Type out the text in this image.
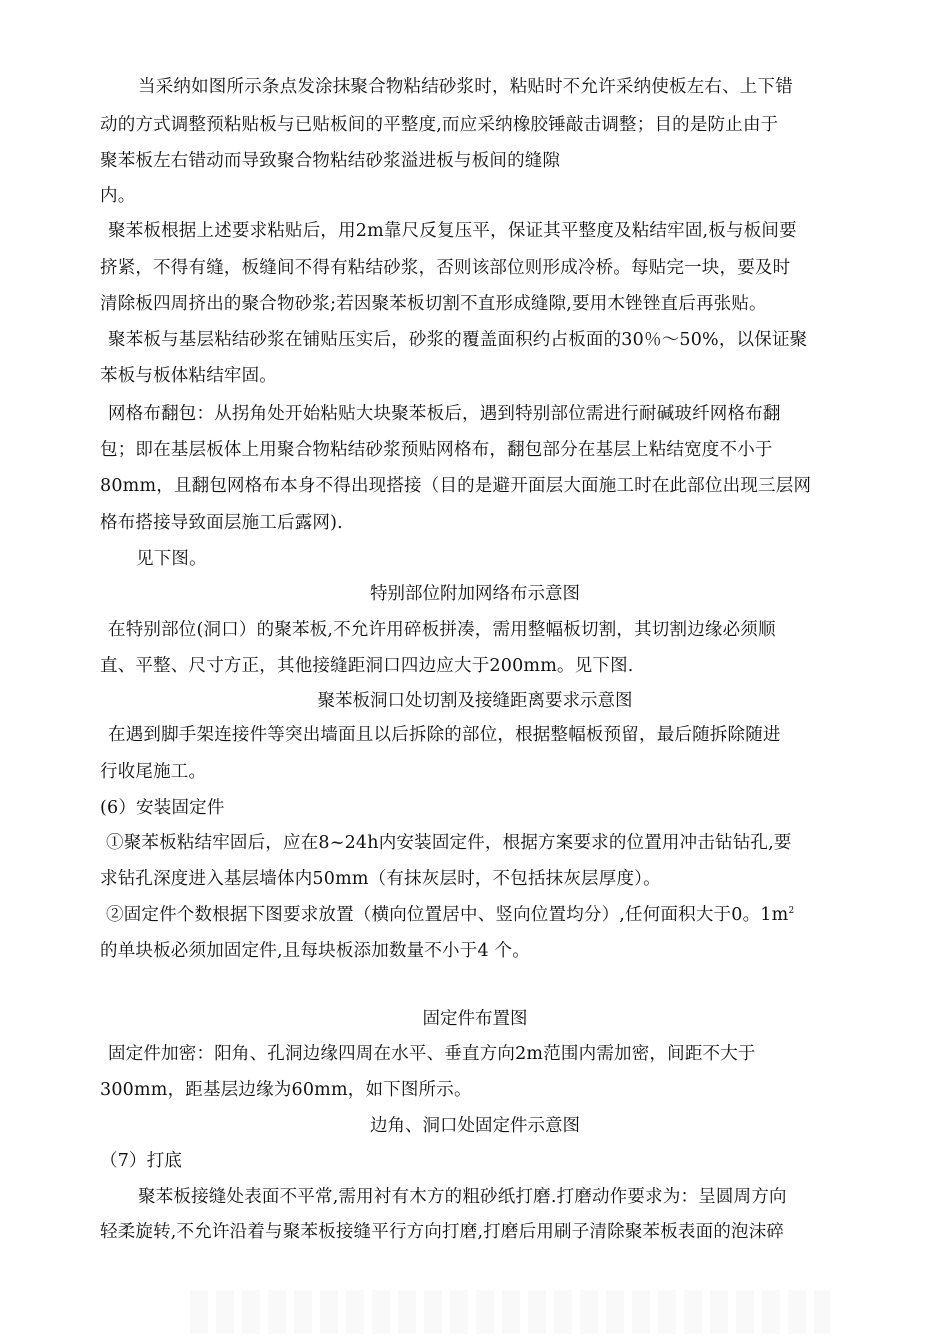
当采纳如图所示条点发涂抹聚合物粘结砂浆时，粘贴时不允许采纳使板左右、上下错
动的方式调整预粘贴板与已贴板间的平整度,而应采纳橡胶锤敲击调整；目的是防止由于
聚苯板左右错动而导致聚合物粘结砂浆溢进板与板间的缝隙
内。
聚苯板根据上述要求粘贴后，用2m靠尺反复压平，保证其平整度及粘结牢固,板与板间要
挤紧，不得有缝，板缝间不得有粘结砂浆，否则该部位则形成冷桥。每贴完一块，要及时
清除板四周挤出的聚合物砂浆;若因聚苯板切割不直形成缝隙,要用木锉锉直后再张贴。
聚苯板与基层粘结砂浆在铺贴压实后，砂浆的覆盖面积约占板面的30％～50%，以保证聚
苯板与板体粘结牢固。
网格布翻包：从拐角处开始粘贴大块聚苯板后，遇到特别部位需进行耐碱玻纤网格布翻
包；即在基层板体上用聚合物粘结砂浆预贴网格布，翻包部分在基层上粘结宽度不小于
80mm，且翻包网格布本身不得出现搭接（目的是避开面层大面施工时在此部位出现三层网
格布搭接导致面层施工后露网).
见下图。
特别部位附加网络布示意图
在特别部位(洞口）的聚苯板,不允许用碎板拼凑，需用整幅板切割，其切割边缘必须顺
直、平整、尺寸方正，其他接缝距洞口四边应大于200mm。见下图.
聚苯板洞口处切割及接缝距离要求示意图
在遇到脚手架连接件等突出墙面且以后拆除的部位，根据整幅板预留，最后随拆除随进
行收尾施工。
(6）安装固定件
①聚苯板粘结牢固后，应在8~24h内安装固定件，根据方案要求的位置用冲击钻钻孔,要
求钻孔深度进入基层墙体内50mm（有抹灰层时，不包括抹灰层厚度）。
②固定件个数根据下图要求放置（横向位置居中、竖向位置均分）,任何面积大于0。$1m^2$
的单块板必须加固定件,且每块板添加数量不小于4 个。
固定件布置图
固定件加密：阳角、孔洞边缘四周在水平、垂直方向2m范围内需加密，间距不大于
300mm，距基层边缘为60mm，如下图所示。
边角、洞口处固定件示意图
（7）打底
聚苯板接缝处表面不平常,需用衬有木方的粗砂纸打磨.打磨动作要求为：呈圆周方向
轻柔旋转,不允许沿着与聚苯板接缝平行方向打磨,打磨后用刷子清除聚苯板表面的泡沫碎
